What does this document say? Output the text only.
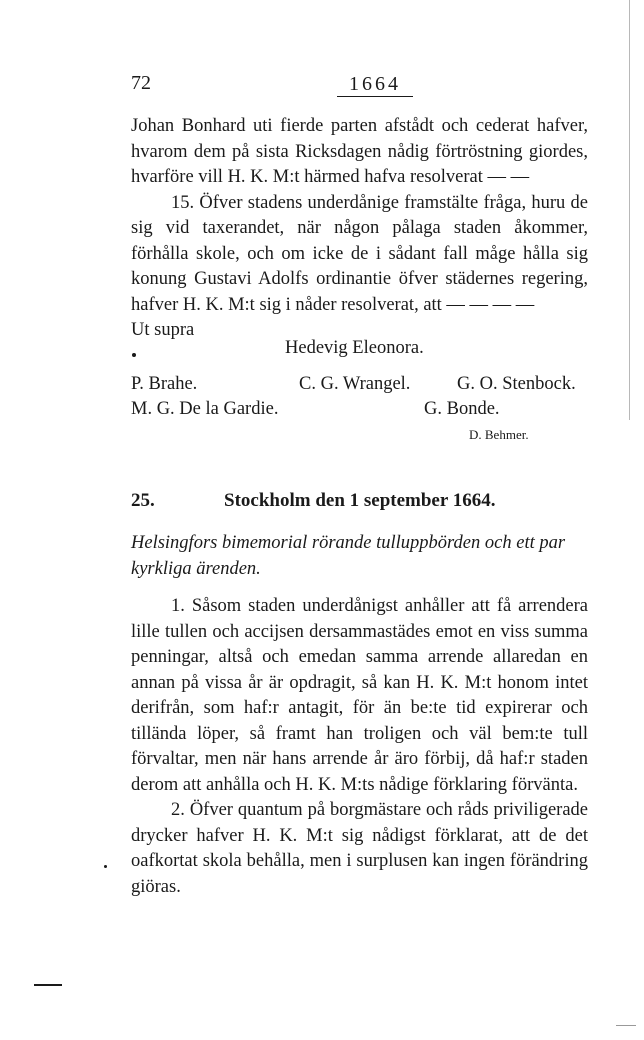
72	1664

Johan Bonhard uti fierde parten afstådt och cederat hafver, hvarom dem på sista Ricksdagen nådig förtröstning giordes, hvarföre vill H. K. M:t härmed hafva resolverat — —

15. Öfver stadens underdånige framstälte fråga, huru de sig vid taxerandet, när någon pålaga staden åkommer, förhålla skole, och om icke de i sådant fall måge hålla sig konung Gustavi Adolfs ordinantie öfver städernes regering, hafver H. K. M:t sig i nåder resolverat, att — — — —

Ut supra

Hedevig Eleonora.
P. Brahe.	C. G. Wrangel.	G. O. Stenbock.
M. G. De la Gardie.	G. Bonde.
D. Behmer.
25.	Stockholm den 1 september 1664.
Helsingfors bimemorial rörande tulluppbörden och ett par kyrkliga ärenden.

1. Såsom staden underdånigst anhåller att få arrendera lille tullen och accijsen dersammastädes emot en viss summa penningar, altså och emedan samma arrende allaredan en annan på vissa år är opdragit, så kan H. K. M:t honom intet derifrån, som haf:r antagit, för än be:te tid expirerar och tillända löper, så framt han troligen och väl bem:te tull förvaltar, men när hans arrende år äro förbij, då haf:r staden derom att anhålla och H. K. M:ts nådige förklaring förvänta.

2. Öfver quantum på borgmästare och råds priviligerade drycker hafver H. K. M:t sig nådigst förklarat, att de det oafkortat skola behålla, men i surplusen kan ingen förändring giöras.
